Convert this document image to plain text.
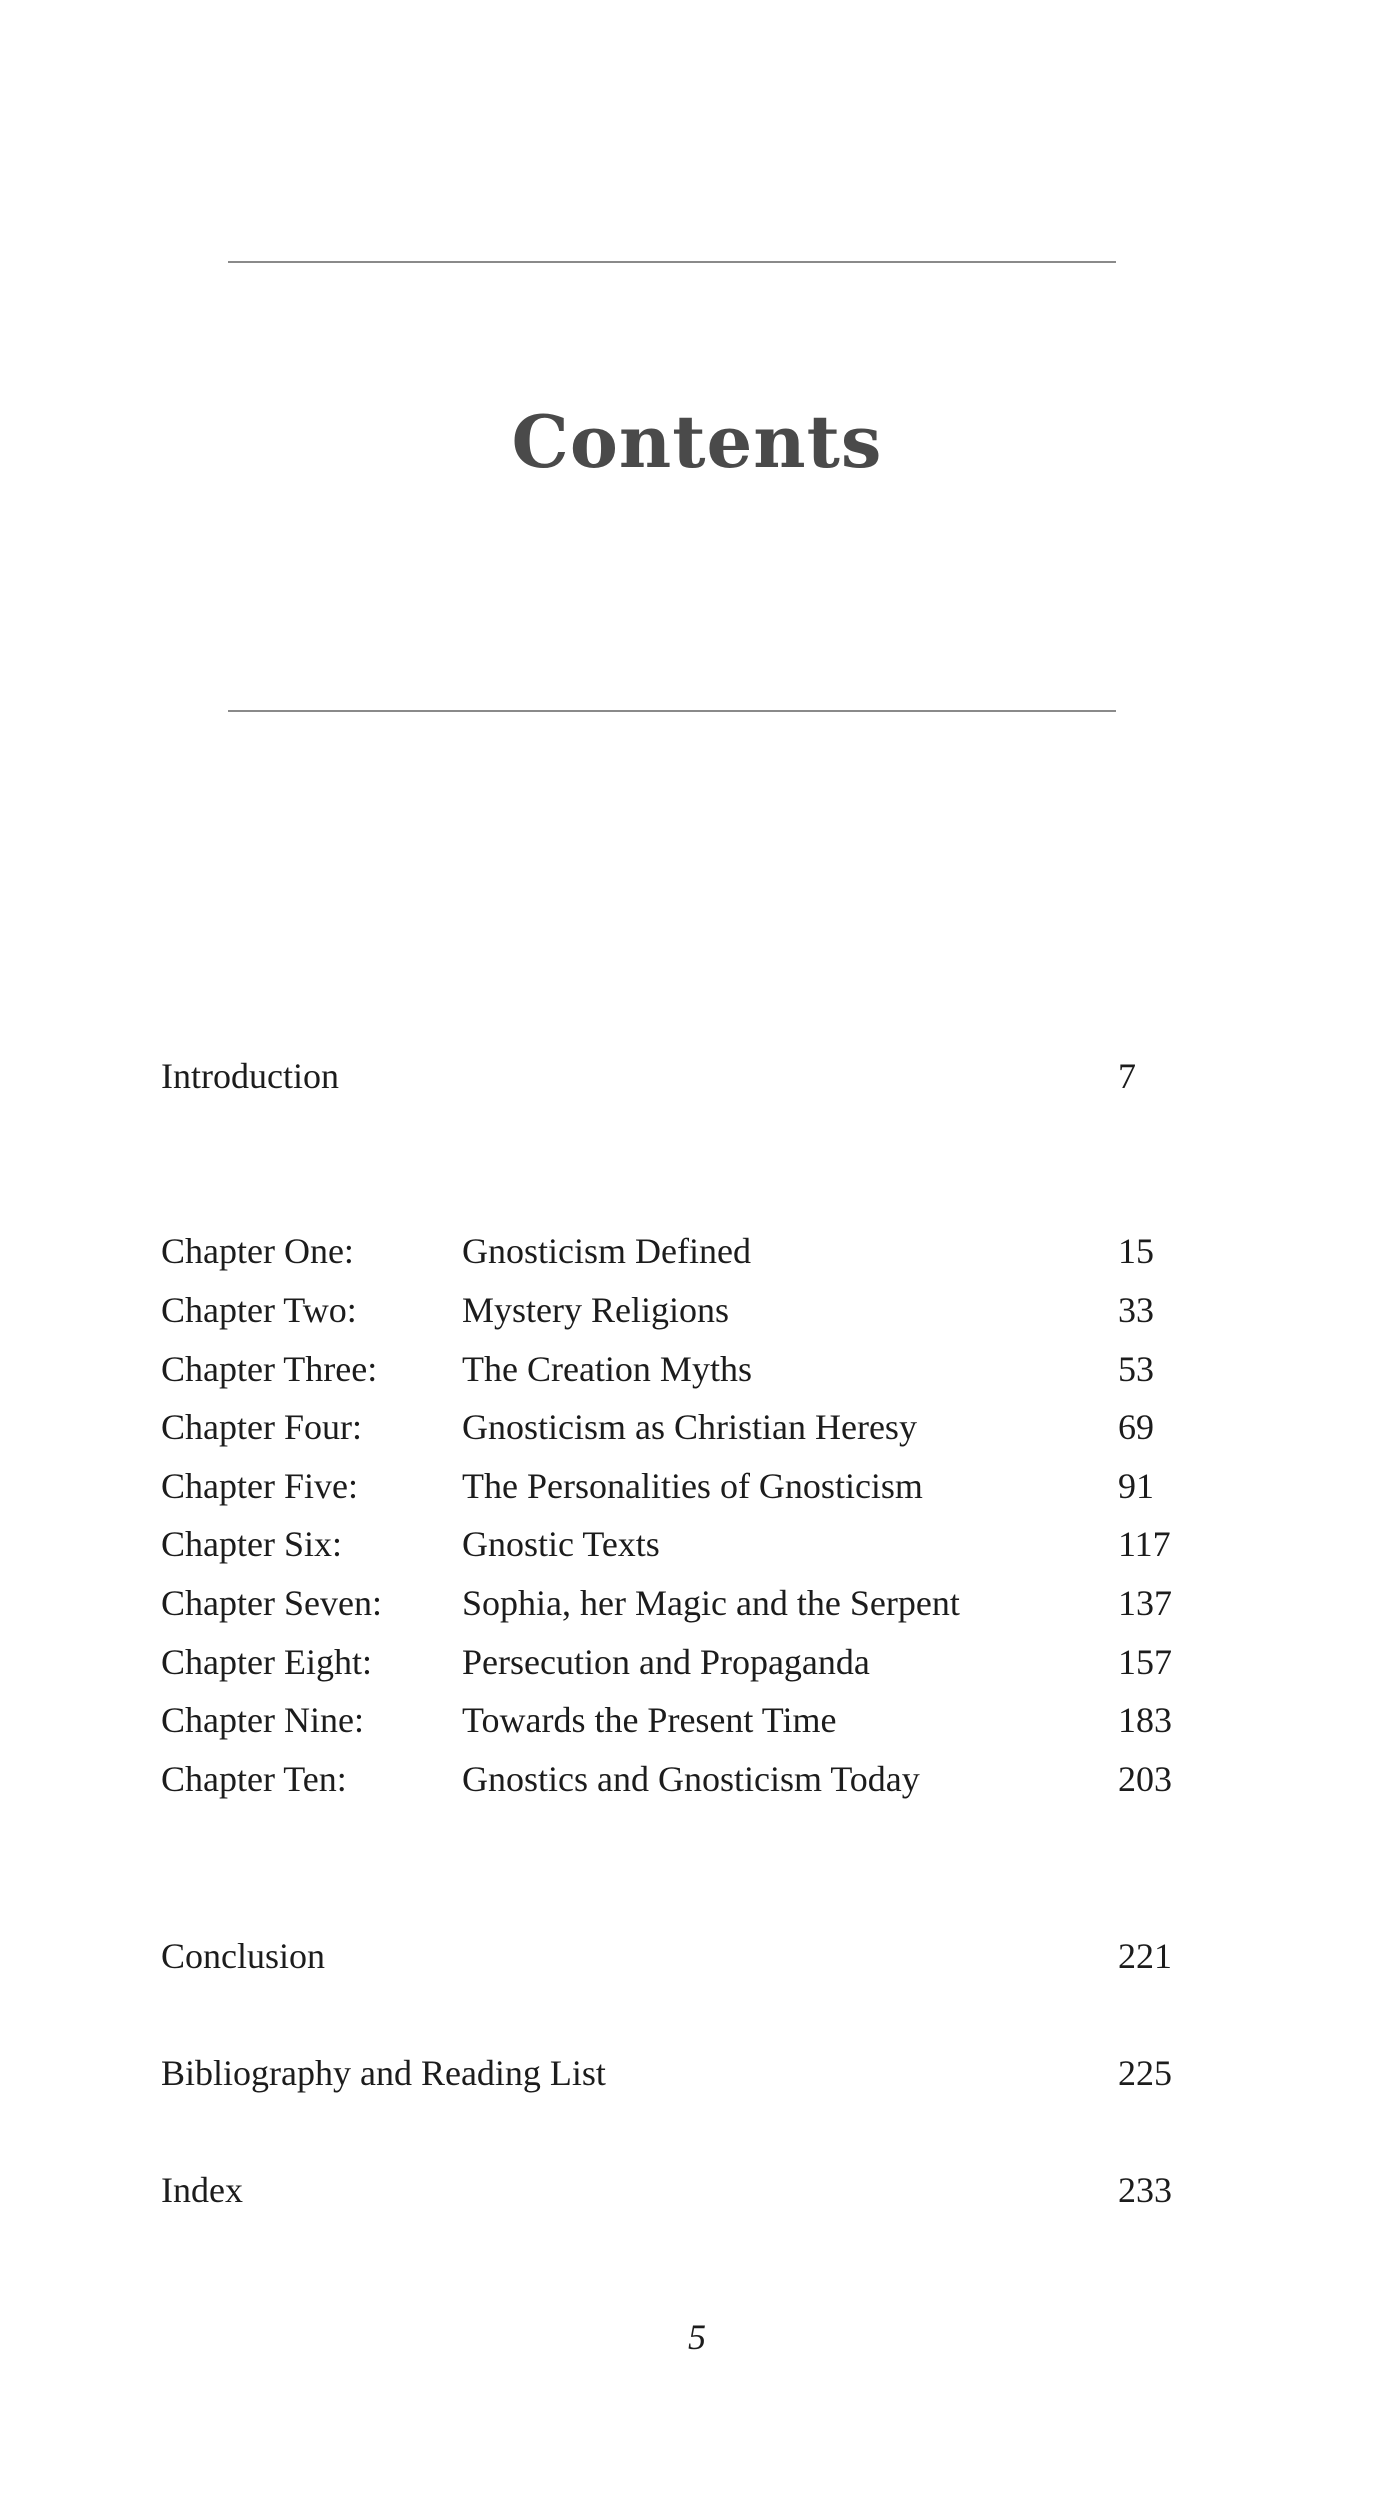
Contents
Introduction	7
Chapter One:	Gnosticism Defined	15
Chapter Two:	Mystery Religions	33
Chapter Three: The Creation Myths	53
Chapter Four:	Gnosticism as Christian Heresy	69
Chapter Five:	The Personalities of Gnosticism	91
Chapter Six:	Gnostic Texts	117
Chapter Seven: Sophia, her Magic and the Serpent	137
Chapter Eight:	Persecution and Propaganda	157
Chapter Nine:	Towards the Present Time	183
Chapter Ten:	Gnostics and Gnosticism Today	203
Conclusion	221
Bibliography and Reading List	225
Index	233
5
